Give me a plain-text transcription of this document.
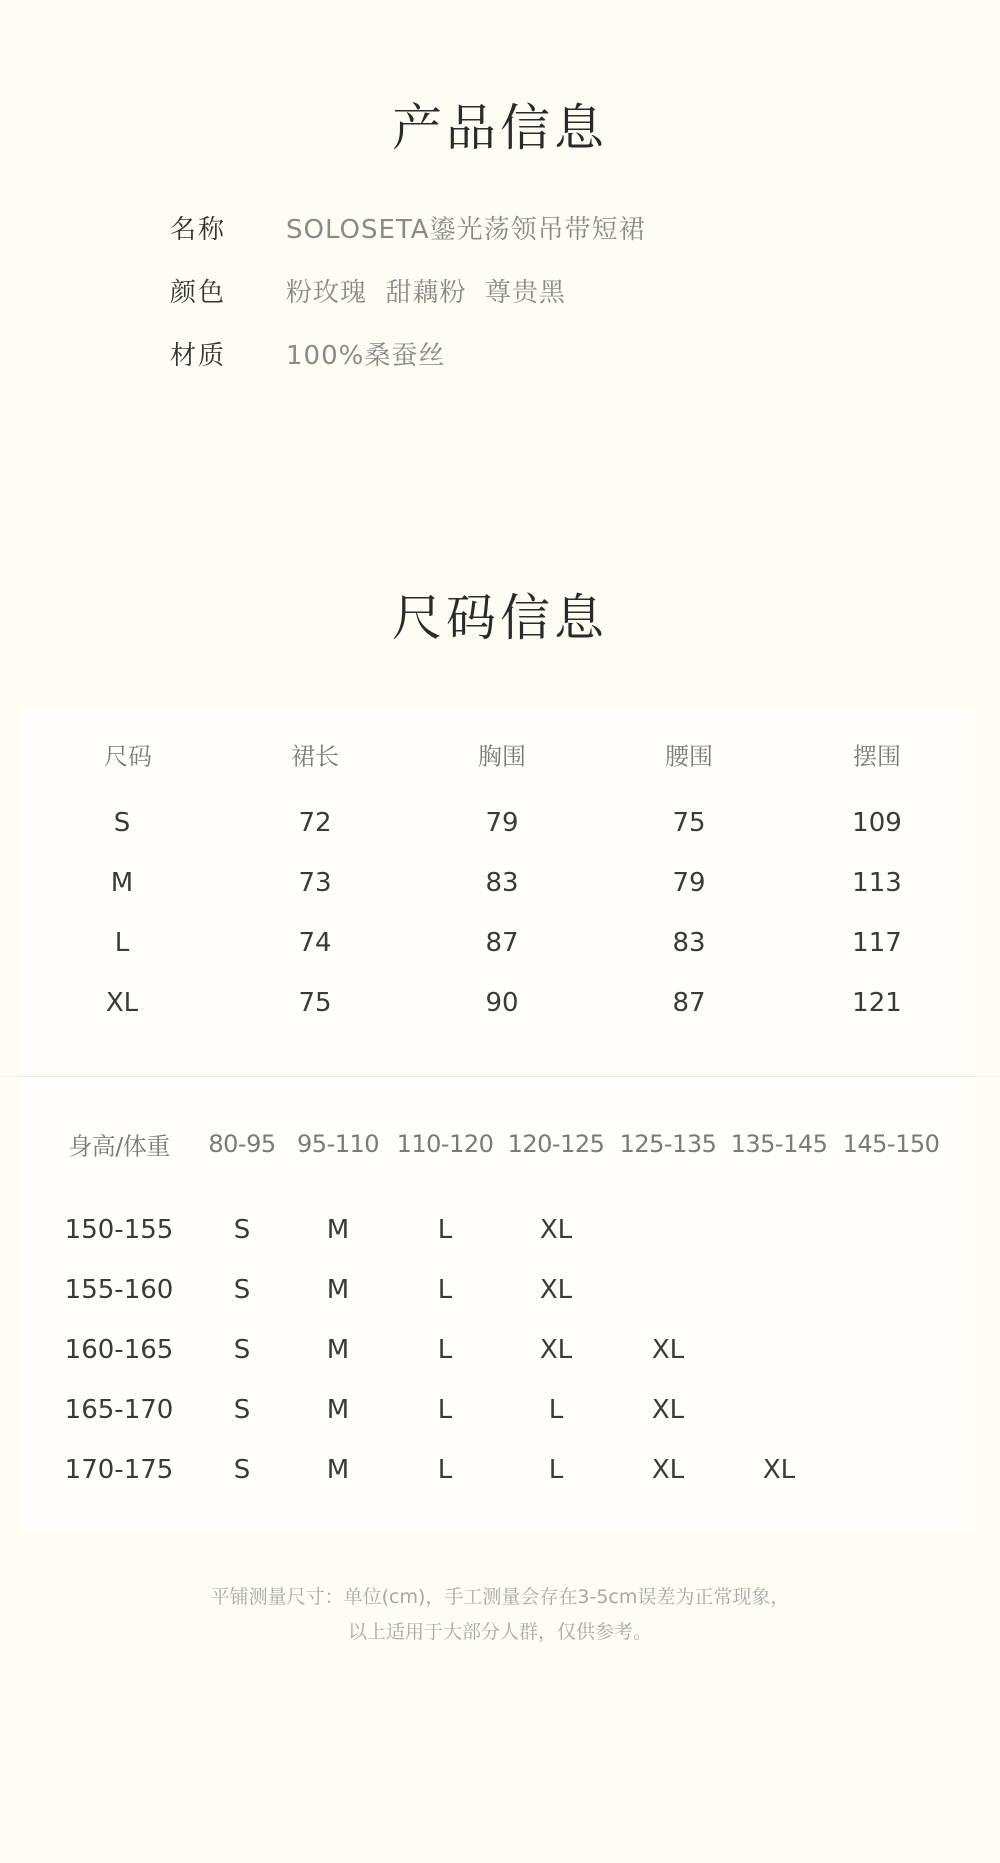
产品信息
名称	SOLOSETA鎏光荡领吊带短裙
颜色	粉玫瑰  甜藕粉  尊贵黑
材质	100%桑蚕丝
尺码信息
尺码	裙长	胸围	腰围	摆围
S	72	79	75	109
M	73	83	79	113
L	74	87	83	117
XL	75	90	87	121
身高/体重 80-95 95-110 110-120 120-125 125-135 135-145 145-150
150-155 S	M	L	XL
155-160 S	M	L	XL
160-165 S	M	L	XL	XL
165-170 S	M	L	L	XL
170-175 S	M	L	L	XL	XL
平铺测量尺寸：单位(cm)，手工测量会存在3-5cm误差为正常现象，
以上适用于大部分人群，仅供参考。
